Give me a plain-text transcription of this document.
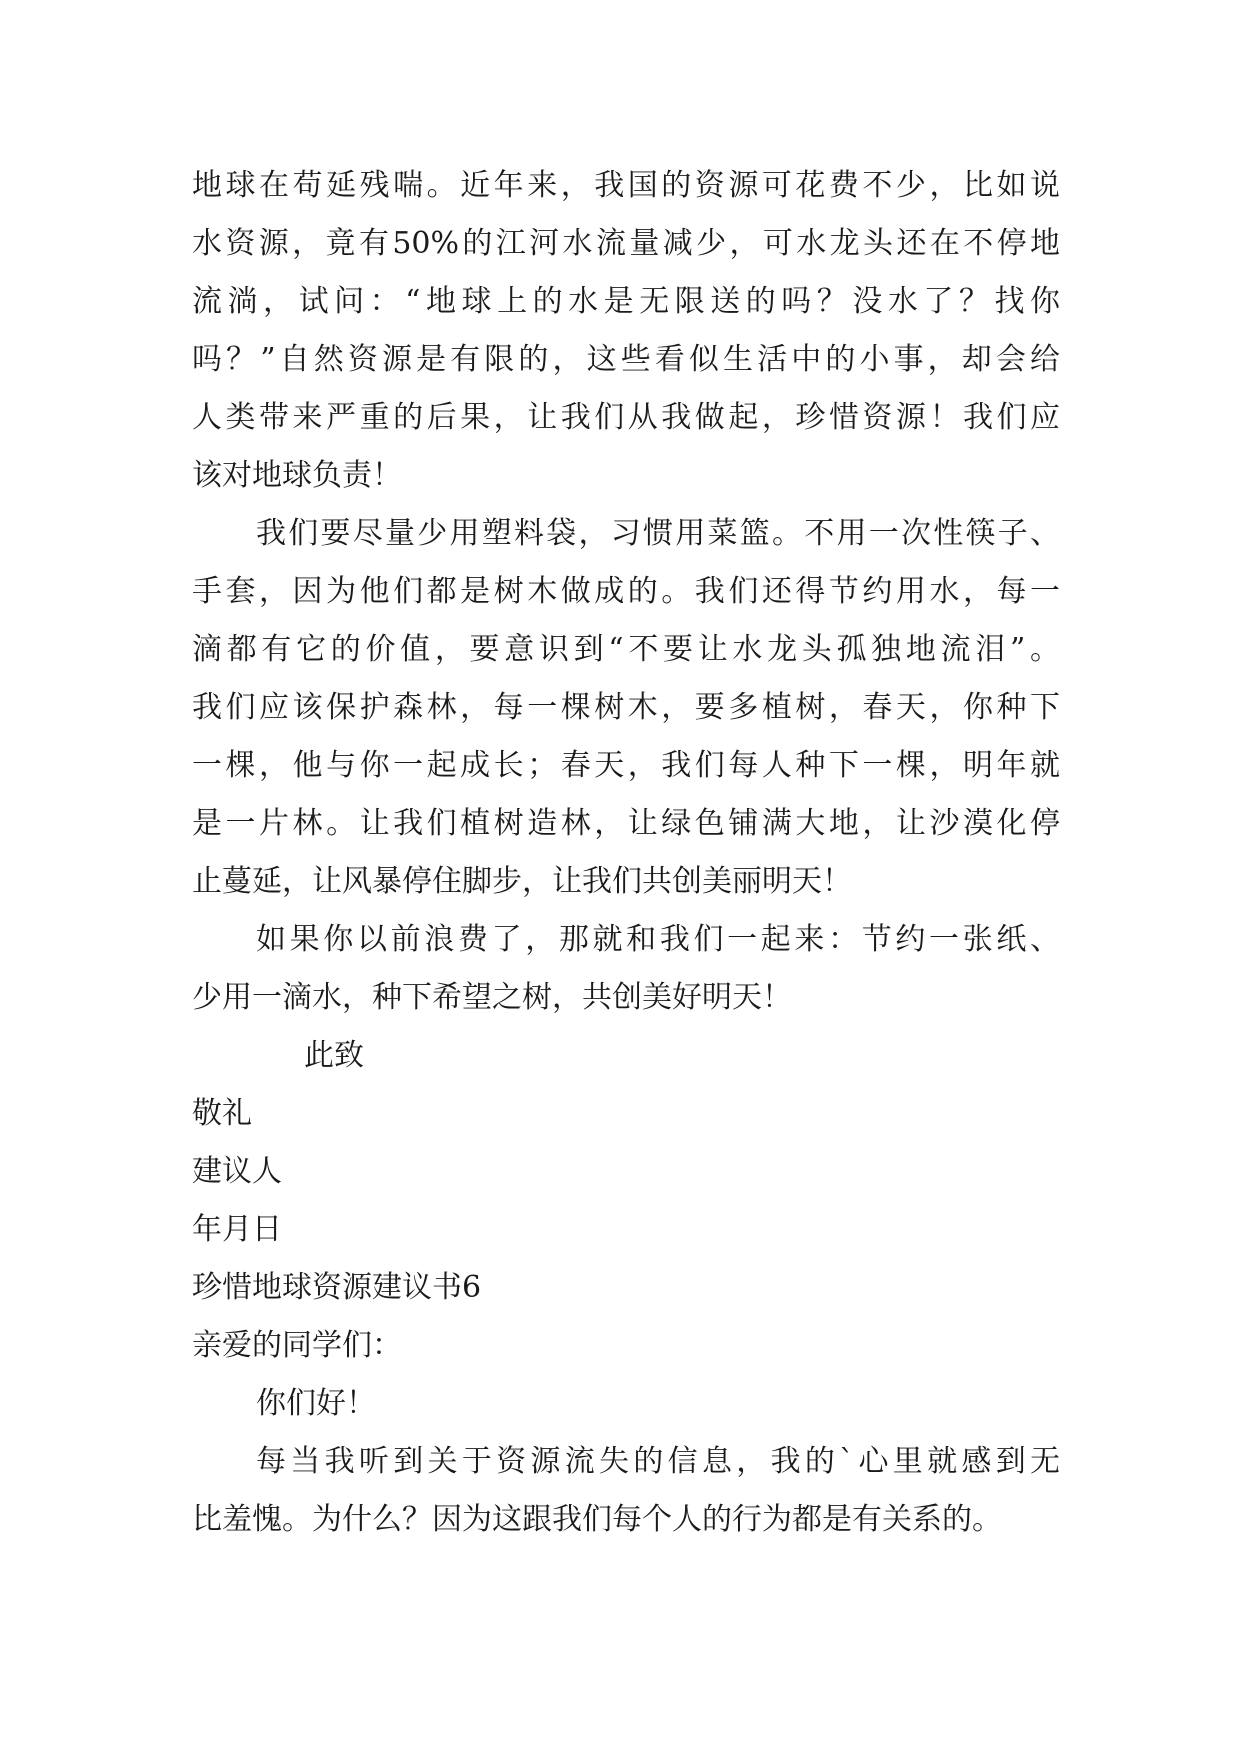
地球在苟延残喘。近年来，我国的资源可花费不少，比如说
水资源，竟有50%的江河水流量减少，可水龙头还在不停地
流淌，试问：“地球上的水是无限送的吗？没水了？找你
吗？”自然资源是有限的，这些看似生活中的小事，却会给
人类带来严重的后果，让我们从我做起，珍惜资源！我们应
该对地球负责！
我们要尽量少用塑料袋，习惯用菜篮。不用一次性筷子、
手套，因为他们都是树木做成的。我们还得节约用水，每一
滴都有它的价值，要意识到“不要让水龙头孤独地流泪”。
我们应该保护森林，每一棵树木，要多植树，春天，你种下
一棵，他与你一起成长；春天，我们每人种下一棵，明年就
是一片林。让我们植树造林，让绿色铺满大地，让沙漠化停
止蔓延，让风暴停住脚步，让我们共创美丽明天！
如果你以前浪费了，那就和我们一起来：节约一张纸、
少用一滴水，种下希望之树，共创美好明天！
此致
敬礼
建议人
年月日
珍惜地球资源建议书6
亲爱的同学们：
你们好！
每当我听到关于资源流失的信息，我的`心里就感到无
比羞愧。为什么？因为这跟我们每个人的行为都是有关系的。
